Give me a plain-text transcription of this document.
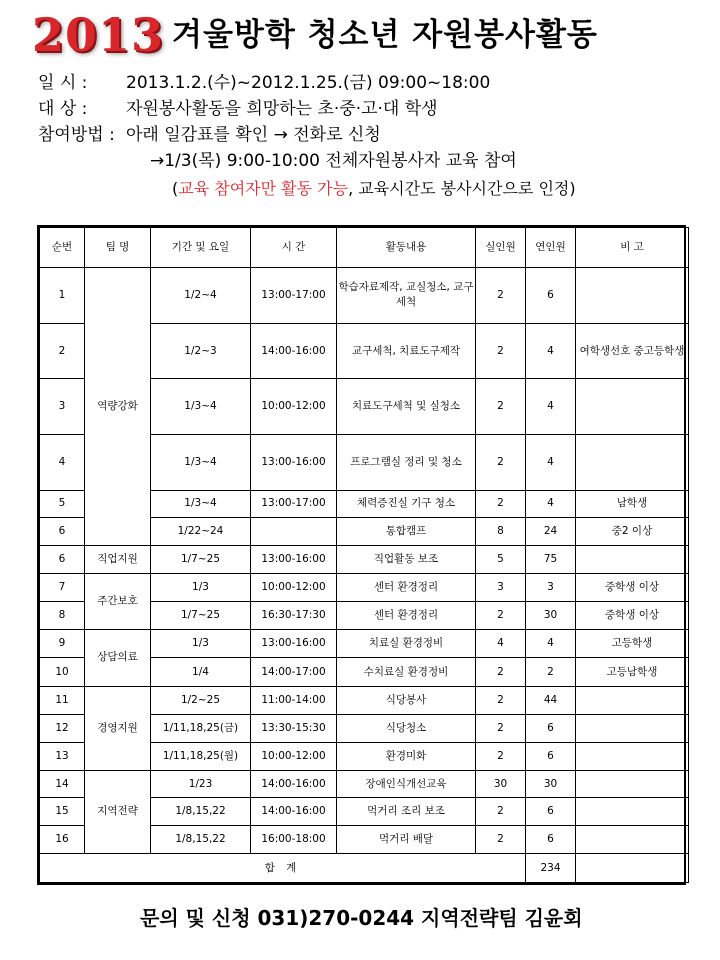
2013 겨울방학 청소년 자원봉사활동
일 시 : 2013.1.2.(수)~2012.1.25.(금) 09:00~18:00
대 상 : 자원봉사활동을 희망하는 초·중·고·대 학생
참여방법 : 아래 일감표를 확인 → 전화로 신청
→1/3(목) 9:00-10:00 전체자원봉사자 교육 참여
(교육 참여자만 활동 가능, 교육시간도 봉사시간으로 인정)
순번	팀 명	기간 및 요일	시 간	활동내용	실인원	연인원	비 고
1	역량강화	1/2~4	13:00-17:00	학습자료제작, 교실청소, 교구세척	2	6	
2		1/2~3	14:00-16:00	교구세척, 치료도구제작	2	4	여학생선호 중고등학생
3		1/3~4	10:00-12:00	치료도구세척 및 실청소	2	4	
4		1/3~4	13:00-16:00	프로그램실 정리 및 청소	2	4	
5		1/3~4	13:00-17:00	체력증진실 기구 청소	2	4	남학생
6		1/22~24		통합캠프	8	24	중2 이상
6	직업지원	1/7~25	13:00-16:00	직업활동 보조	5	75	
7	주간보호	1/3	10:00-12:00	센터 환경정리	3	3	중학생 이상
8		1/7~25	16:30-17:30	센터 환경정리	2	30	중학생 이상
9	상담의료	1/3	13:00-16:00	치료실 환경정비	4	4	고등학생
10		1/4	14:00-17:00	수치료실 환경정비	2	2	고등남학생
11	경영지원	1/2~25	11:00-14:00	식당봉사	2	44	
12		1/11,18,25(금)	13:30-15:30	식당청소	2	6	
13		1/11,18,25(월)	10:00-12:00	환경미화	2	6	
14	지역전략	1/23	14:00-16:00	장애인식개선교육	30	30	
15		1/8,15,22	14:00-16:00	먹거리 조리 보조	2	6	
16		1/8,15,22	16:00-18:00	먹거리 배달	2	6	
합 계						234	
문의 및 신청 031)270-0244 지역전략팀 김윤회
